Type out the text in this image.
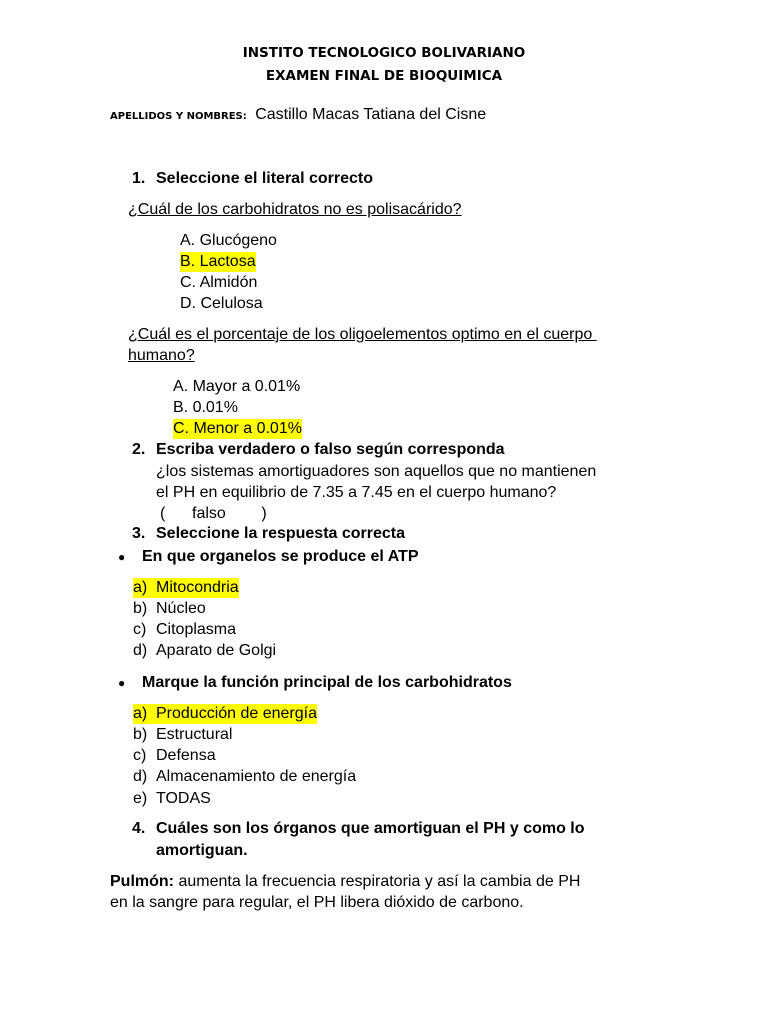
INSTITO TECNOLOGICO BOLIVARIANO
EXAMEN FINAL DE BIOQUIMICA
APELLIDOS Y NOMBRES: Castillo Macas Tatiana del Cisne
1. Seleccione el literal correcto
¿Cuál de los carbohidratos no es polisacárido?
A. Glucógeno
B. Lactosa
C. Almidón
D. Celulosa
¿Cuál es el porcentaje de los oligoelementos optimo en el cuerpo
humano?
A. Mayor a 0.01%
B. 0.01%
C. Menor a 0.01%
2. Escriba verdadero o falso según corresponda
¿los sistemas amortiguadores son aquellos que no mantienen
el PH en equilibrio de 7.35 a 7.45 en el cuerpo humano?
(      falso        )
3. Seleccione la respuesta correcta
● En que organelos se produce el ATP
a) Mitocondria
b) Núcleo
c) Citoplasma
d) Aparato de Golgi
● Marque la función principal de los carbohidratos
a) Producción de energía
b) Estructural
c) Defensa
d) Almacenamiento de energía
e) TODAS
4. Cuáles son los órganos que amortiguan el PH y como lo
amortiguan.
Pulmón: aumenta la frecuencia respiratoria y así la cambia de PH
en la sangre para regular, el PH libera dióxido de carbono.
